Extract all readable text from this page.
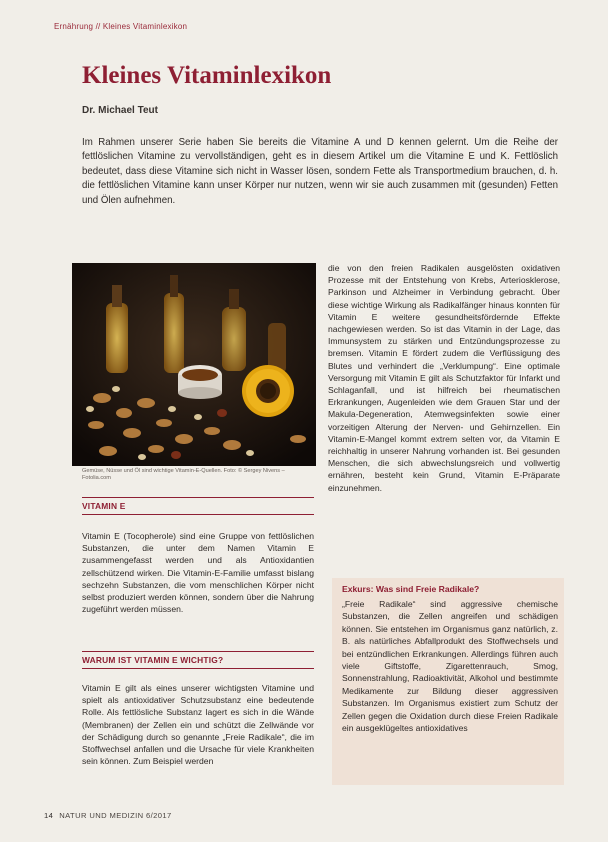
Ernährung // Kleines Vitaminlexikon
Kleines Vitaminlexikon
Dr. Michael Teut

Im Rahmen unserer Serie haben Sie bereits die Vitamine A und D kennen gelernt. Um die Reihe der fettlöslichen Vitamine zu vervollständigen, geht es in diesem Artikel um die Vitamine E und K. Fettlöslich bedeutet, dass diese Vitamine sich nicht in Wasser lösen, sondern Fette als Transportmedium brauchen, d. h. die fettlöslichen Vitamine kann unser Körper nur nutzen, wenn wir sie auch zusammen mit (gesunden) Fetten und Ölen aufnehmen.

Gemüse, Nüsse und Öl sind wichtige Vitamin-E-Quellen. Foto: © Sergey Nivens – Fotolia.com
VITAMIN E

Vitamin E (Tocopherole) sind eine Gruppe von fettlöslichen Substanzen, die unter dem Namen Vitamin E zusammengefasst werden und als Antioxidantien zellschützend wirken. Die Vitamin-E-Familie umfasst bislang sechzehn Substanzen, die vom menschlichen Körper nicht selbst produziert werden können, sondern über die Nahrung zugeführt werden müssen.

WARUM IST VITAMIN E WICHTIG?

Vitamin E gilt als eines unserer wichtigsten Vitamine und spielt als antioxidativer Schutzsubstanz eine bedeutende Rolle. Als fettlösliche Substanz lagert es sich in die Wände (Membranen) der Zellen ein und schützt die Zellwände vor der Schädigung durch so genannte „Freie Radikale“, die im Stoffwechsel anfallen und die Ursache für viele Krankheiten sein können. Zum Beispiel werden

die von den freien Radikalen ausgelösten oxidativen Prozesse mit der Entstehung von Krebs, Arteriosklerose, Parkinson und Alzheimer in Verbindung gebracht. Über diese wichtige Wirkung als Radikalfänger hinaus konnten für Vitamin E weitere gesundheitsfördernde Effekte nachgewiesen werden. So ist das Vitamin in der Lage, das Immunsystem zu stärken und Entzündungsprozesse zu bremsen. Vitamin E fördert zudem die Verflüssigung des Blutes und verhindert die „Verklumpung“. Eine optimale Versorgung mit Vitamin E gilt als Schutzfaktor für Infarkt und Schlaganfall, und ist hilfreich bei rheumatischen Erkrankungen, Augenleiden wie dem Grauen Star und der Makula-Degeneration, Atemwegsinfekten sowie einer vorzeitigen Alterung der Nerven- und Gehirnzellen. Ein Vitamin-E-Mangel kommt extrem selten vor, da Vitamin E reichhaltig in unserer Nahrung vorhanden ist. Bei gesunden Menschen, die sich abwechslungsreich und vollwertig ernähren, besteht kein Grund, Vitamin E-Präparate einzunehmen.

Exkurs: Was sind Freie Radikale?

„Freie Radikale“ sind aggressive chemische Substanzen, die Zellen angreifen und schädigen können. Sie entstehen im Organismus ganz natürlich, z. B. als natürliches Abfallprodukt des Stoffwechsels und bei entzündlichen Erkrankungen. Allerdings führen auch viele Giftstoffe, Zigarettenrauch, Smog, Sonnenstrahlung, Radioaktivität, Alkohol und bestimmte Medikamente zur Bildung dieser aggressiven Substanzen. Im Organismus existiert zum Schutz der Zellen gegen die Oxidation durch diese Freien Radikale ein ausgeklügeltes antioxidatives

14 NATUR UND MEDIZIN 6/2017
